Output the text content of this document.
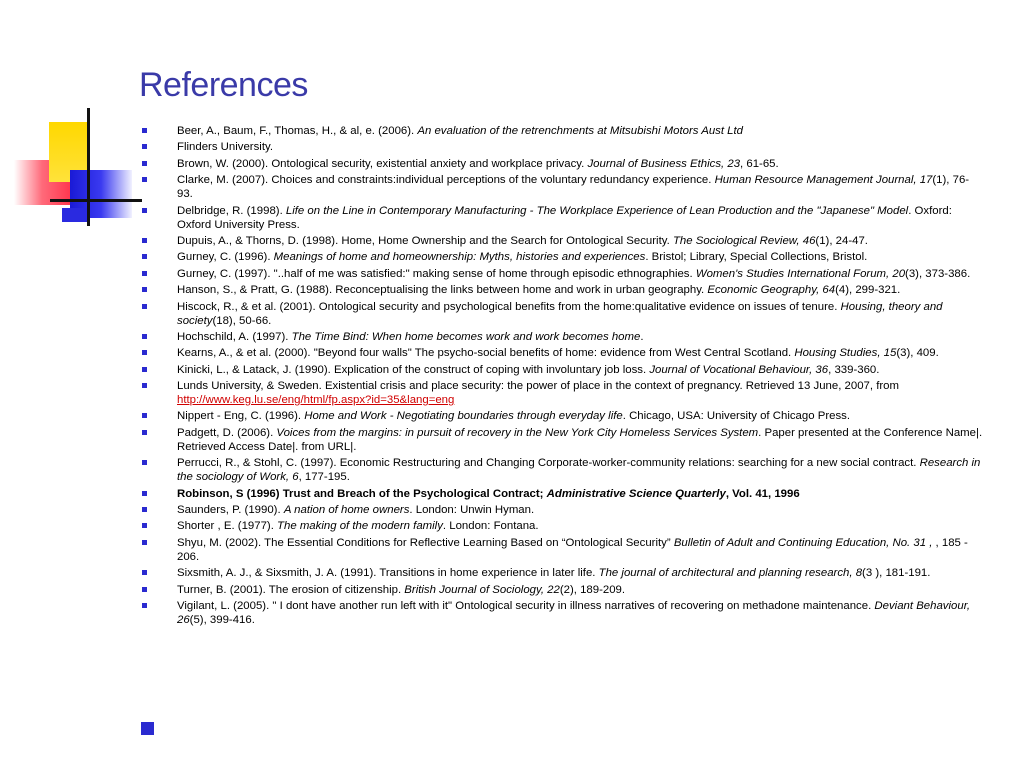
References
Beer, A., Baum, F., Thomas, H., & al, e. (2006). An evaluation of the retrenchments at Mitsubishi Motors Aust Ltd
Flinders University.
Brown, W. (2000). Ontological security, existential anxiety and workplace privacy. Journal of Business Ethics, 23, 61-65.
Clarke, M. (2007). Choices and constraints:individual perceptions of the voluntary redundancy experience. Human Resource Management Journal, 17(1), 76-93.
Delbridge, R. (1998). Life on the Line in Contemporary Manufacturing - The Workplace Experience of Lean Production and the "Japanese" Model. Oxford: Oxford University Press.
Dupuis, A., & Thorns, D. (1998). Home, Home Ownership and the Search for Ontological Security. The Sociological Review, 46(1), 24-47.
Gurney, C. (1996). Meanings of home and homeownership: Myths, histories and experiences. Bristol; Library, Special Collections, Bristol.
Gurney, C. (1997). "..half of me was satisfied:" making sense of home through episodic ethnographies. Women's Studies International Forum, 20(3), 373-386.
Hanson, S., & Pratt, G. (1988). Reconceptualising the links between home and work in urban geography. Economic Geography, 64(4), 299-321.
Hiscock, R., & et al. (2001). Ontological security and psychological benefits from the home:qualitative evidence on issues of tenure. Housing, theory and society(18), 50-66.
Hochschild, A. (1997). The Time Bind: When home becomes work and work becomes home.
Kearns, A., & et al. (2000). "Beyond four walls" The psycho-social benefits of home: evidence from West Central Scotland. Housing Studies, 15(3), 409.
Kinicki, L., & Latack, J. (1990). Explication of the construct of coping with involuntary job loss. Journal of Vocational Behaviour, 36, 339-360.
Lunds University, & Sweden. Existential crisis and place security: the power of place in the context of pregnancy. Retrieved 13 June, 2007, from http://www.keg.lu.se/eng/html/fp.aspx?id=35&lang=eng
Nippert - Eng, C. (1996). Home and Work - Negotiating boundaries through everyday life. Chicago, USA: University of Chicago Press.
Padgett, D. (2006). Voices from the margins: in pursuit of recovery in the New York City Homeless Services System. Paper presented at the Conference Name|. Retrieved Access Date|. from URL|.
Perrucci, R., & Stohl, C. (1997). Economic Restructuring and Changing Corporate-worker-community relations: searching for a new social contract. Research in the sociology of Work, 6, 177-195.
Robinson, S (1996) Trust and Breach of the Psychological Contract; Administrative Science Quarterly, Vol. 41, 1996
Saunders, P. (1990). A nation of home owners. London: Unwin Hyman.
Shorter , E. (1977). The making of the modern family. London: Fontana.
Shyu, M. (2002). The Essential Conditions for Reflective Learning Based on “Ontological Security” Bulletin of Adult and Continuing Education, No. 31 , , 185 - 206.
Sixsmith, A. J., & Sixsmith, J. A. (1991). Transitions in home experience in later life. The journal of architectural and planning research, 8(3 ), 181-191.
Turner, B. (2001). The erosion of citizenship. British Journal of Sociology, 22(2), 189-209.
Vigilant, L. (2005). " I dont have another run left with it" Ontological security in illness narratives of recovering on methadone maintenance. Deviant Behaviour, 26(5), 399-416.
